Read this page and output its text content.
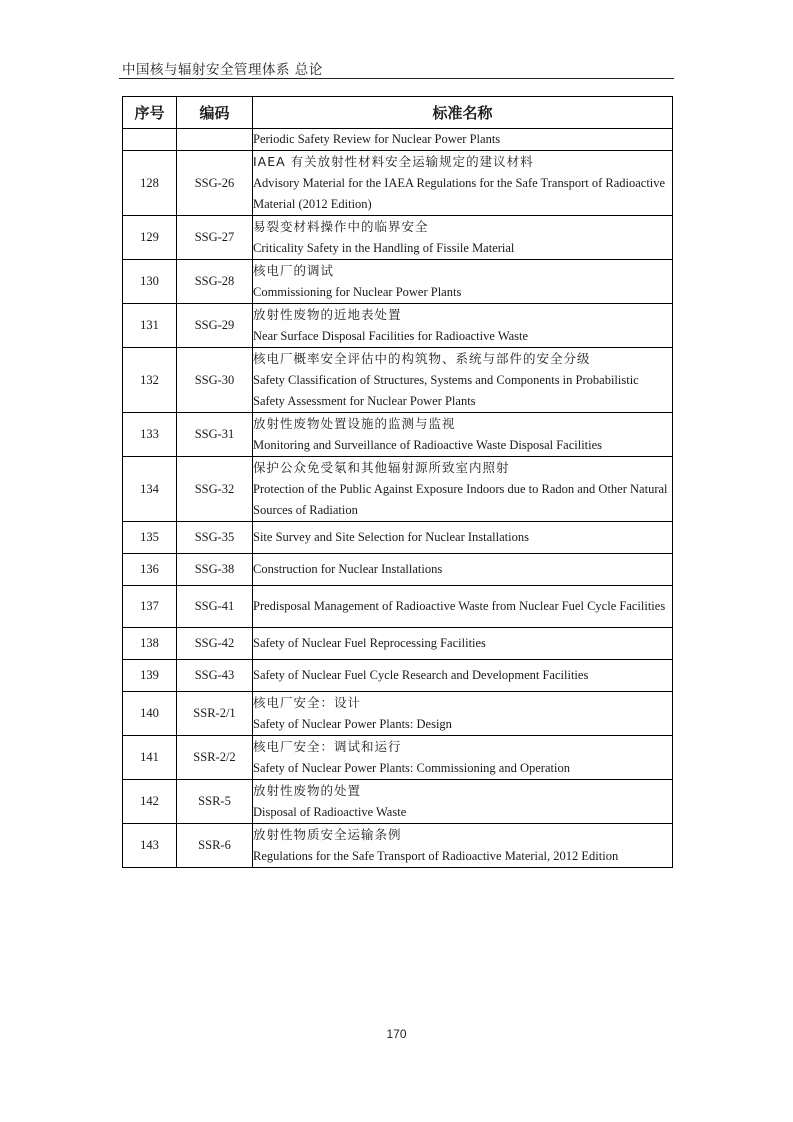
中国核与辐射安全管理体系 总论
序号	编码	标准名称

		Periodic Safety Review for Nuclear Power Plants

128	SSG-26	IAEA 有关放射性材料安全运输规定的建议材料
Advisory Material for the IAEA Regulations for the Safe Transport of Radioactive Material (2012 Edition)

129	SSG-27	易裂变材料操作中的临界安全
Criticality Safety in the Handling of Fissile Material

130	SSG-28	核电厂的调试
Commissioning for Nuclear Power Plants

131	SSG-29	放射性废物的近地表处置
Near Surface Disposal Facilities for Radioactive Waste

132	SSG-30	核电厂概率安全评估中的构筑物、系统与部件的安全分级
Safety Classification of Structures, Systems and Components in Probabilistic Safety Assessment for Nuclear Power Plants

133	SSG-31	放射性废物处置设施的监测与监视
Monitoring and Surveillance of Radioactive Waste Disposal Facilities

134	SSG-32	保护公众免受氡和其他辐射源所致室内照射
Protection of the Public Against Exposure Indoors due to Radon and Other Natural Sources of Radiation

135	SSG-35	Site Survey and Site Selection for Nuclear Installations

136	SSG-38	Construction for Nuclear Installations

137	SSG-41	Predisposal Management of Radioactive Waste from Nuclear Fuel Cycle Facilities

138	SSG-42	Safety of Nuclear Fuel Reprocessing Facilities

139	SSG-43	Safety of Nuclear Fuel Cycle Research and Development Facilities

140	SSR-2/1	核电厂安全：设计
Safety of Nuclear Power Plants: Design

141	SSR-2/2	核电厂安全：调试和运行
Safety of Nuclear Power Plants: Commissioning and Operation

142	SSR-5	放射性废物的处置
Disposal of Radioactive Waste

143	SSR-6	放射性物质安全运输条例
Regulations for the Safe Transport of Radioactive Material, 2012 Edition
170
